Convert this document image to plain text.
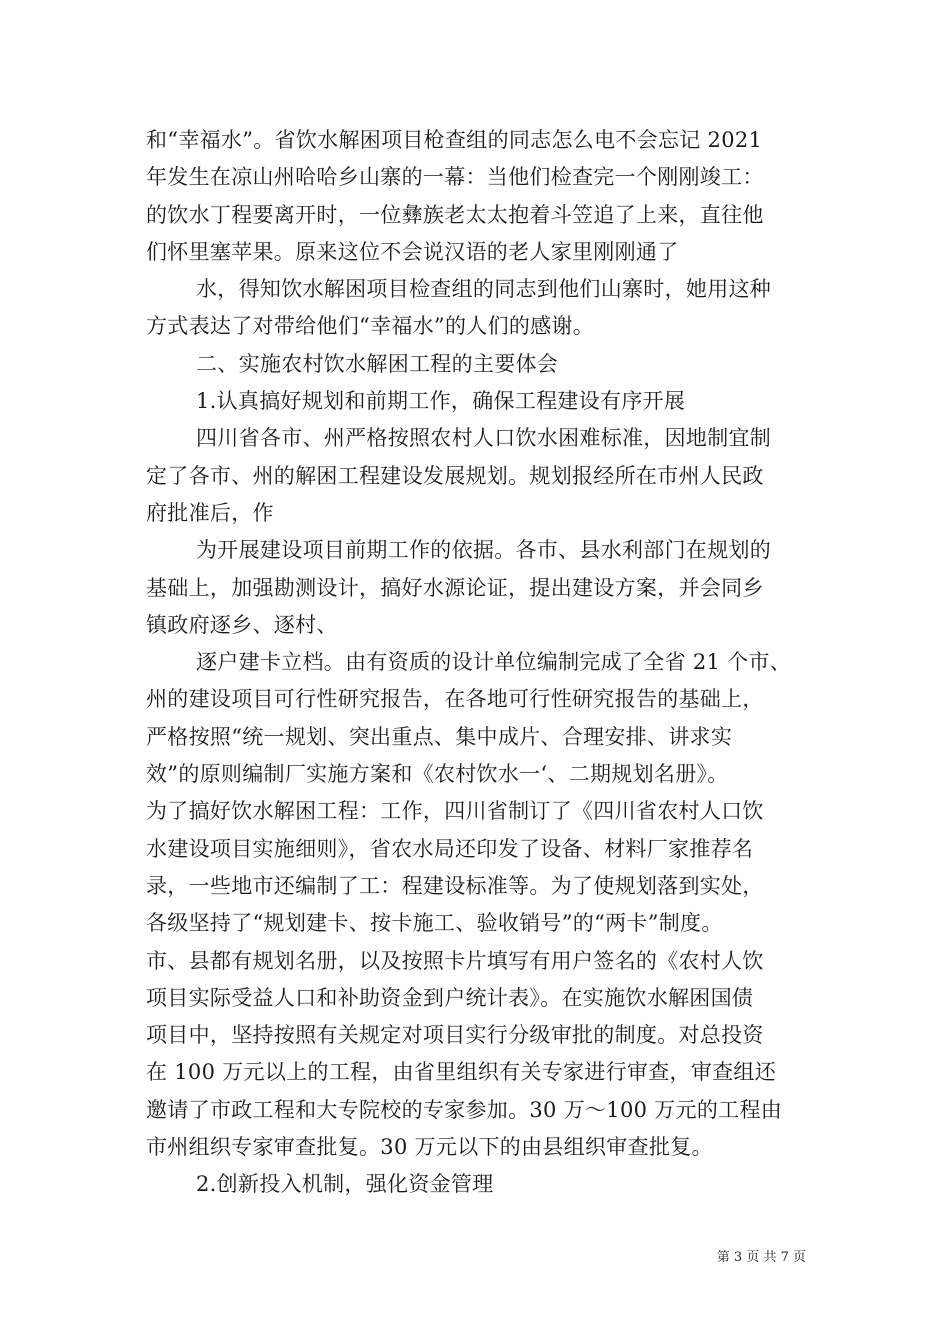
和“幸福水”。省饮水解困项目枪查组的同志怎么电不会忘记 2021
年发生在凉山州哈哈乡山寨的一幕：当他们检查完一个刚刚竣工：
的饮水丁程要离开时，一位彝族老太太抱着斗笠追了上来，直往他
们怀里塞苹果。原来这位不会说汉语的老人家里刚刚通了
水，得知饮水解困项目检查组的同志到他们山寨时，她用这种
方式表达了对带给他们“幸福水”的人们的感谢。
二、实施农村饮水解困工程的主要体会
1.认真搞好规划和前期工作，确保工程建设有序开展
四川省各市、州严格按照农村人口饮水困难标准，因地制宜制
定了各市、州的解困工程建设发展规划。规划报经所在巿州人民政
府批准后，作
为开展建设项目前期工作的依据。各巿、县水利部门在规划的
基础上，加强勘测设计，搞好水源论证，提出建设方案，并会同乡
镇政府逐乡、逐村、
逐户建卡立档。由有资质的设计单位编制完成了全省 21 个市、
州的建设项目可行性研究报告，在各地可行性研究报告的基础上，
严格按照“统一规划、突出重点、集中成片、合理安排、讲求实
效”的原则编制厂实施方案和《农村饮水一‘、二期规划名册》。
为了搞好饮水解困工程：工作，四川省制订了《四川省农村人口饮
水建设项目实施细则》，省农水局还印发了设备、材料厂家推荐名
录，一些地市还编制了工：程建设标准等。为了使规划落到实处，
各级坚持了“规划建卡、按卡施工、验收销号”的“两卡”制度。
市、县都有规划名册，以及按照卡片填写有用户签名的《农村人饮
项目实际受益人口和补助资金到户统计表》。在实施饮水解困国债
项目中，坚持按照有关规定对项目实行分级审批的制度。对总投资
在 100 万元以上的工程，由省里组织有关专家进行审查，审查组还
邀请了市政工程和大专院校的专家参加。30 万～100 万元的工程由
市州组织专家审查批复。30 万元以下的由县组织审查批复。
2.创新投入机制，强化资金管理
第 3 页 共 7 页
